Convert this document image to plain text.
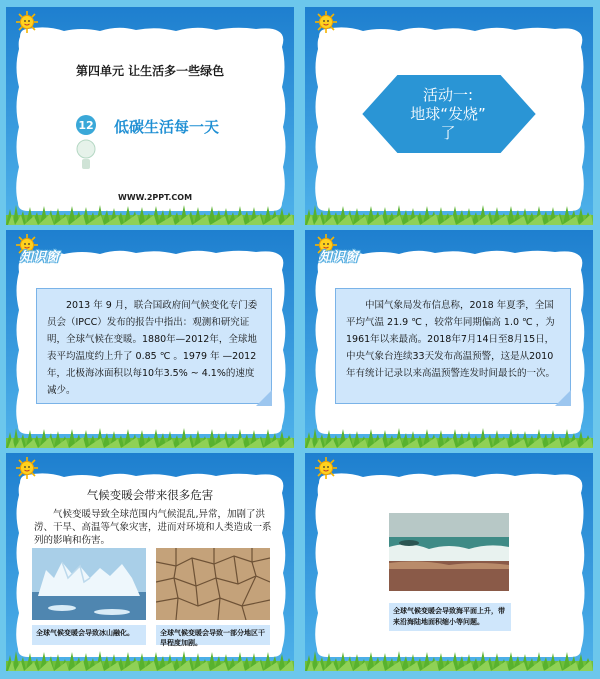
第四单元 让生活多一些绿色
12 低碳生活每一天
WWW.2PPT.COM
活动一:
地球“发烧”
了
知识窗
2013 年 9 月，联合国政府间气候变化专门委员会（IPCC）发布的报告中指出：观测和研究证明，全球气候在变暖。1880年—2012年，全球地表平均温度约上升了 0.85 ℃ 。1979 年 —2012 年，北极海冰面积以每10年3.5% ~ 4.1%的速度减少。
知识窗
中国气象局发布信息称，2018 年夏季，全国平均气温 21.9 ℃ ，较常年同期偏高 1.0 ℃ ，为1961年以来最高。2018年7月14日至8月15日，中央气象台连续33天发布高温预警，这是从2010年有统计记录以来高温预警连发时间最长的一次。
气候变暖会带来很多危害
气候变暖导致全球范围内气候混乱,异常，加剧了洪涝、干旱、高温等气象灾害，进而对环境和人类造成一系列的影响和伤害。
全球气候变暖会导致冰山融化。	全球气候变暖会导致一部分地区干旱程度加剧。
全球气候变暖会导致海平面上升，带来沿海陆地面积缩小等问题。
